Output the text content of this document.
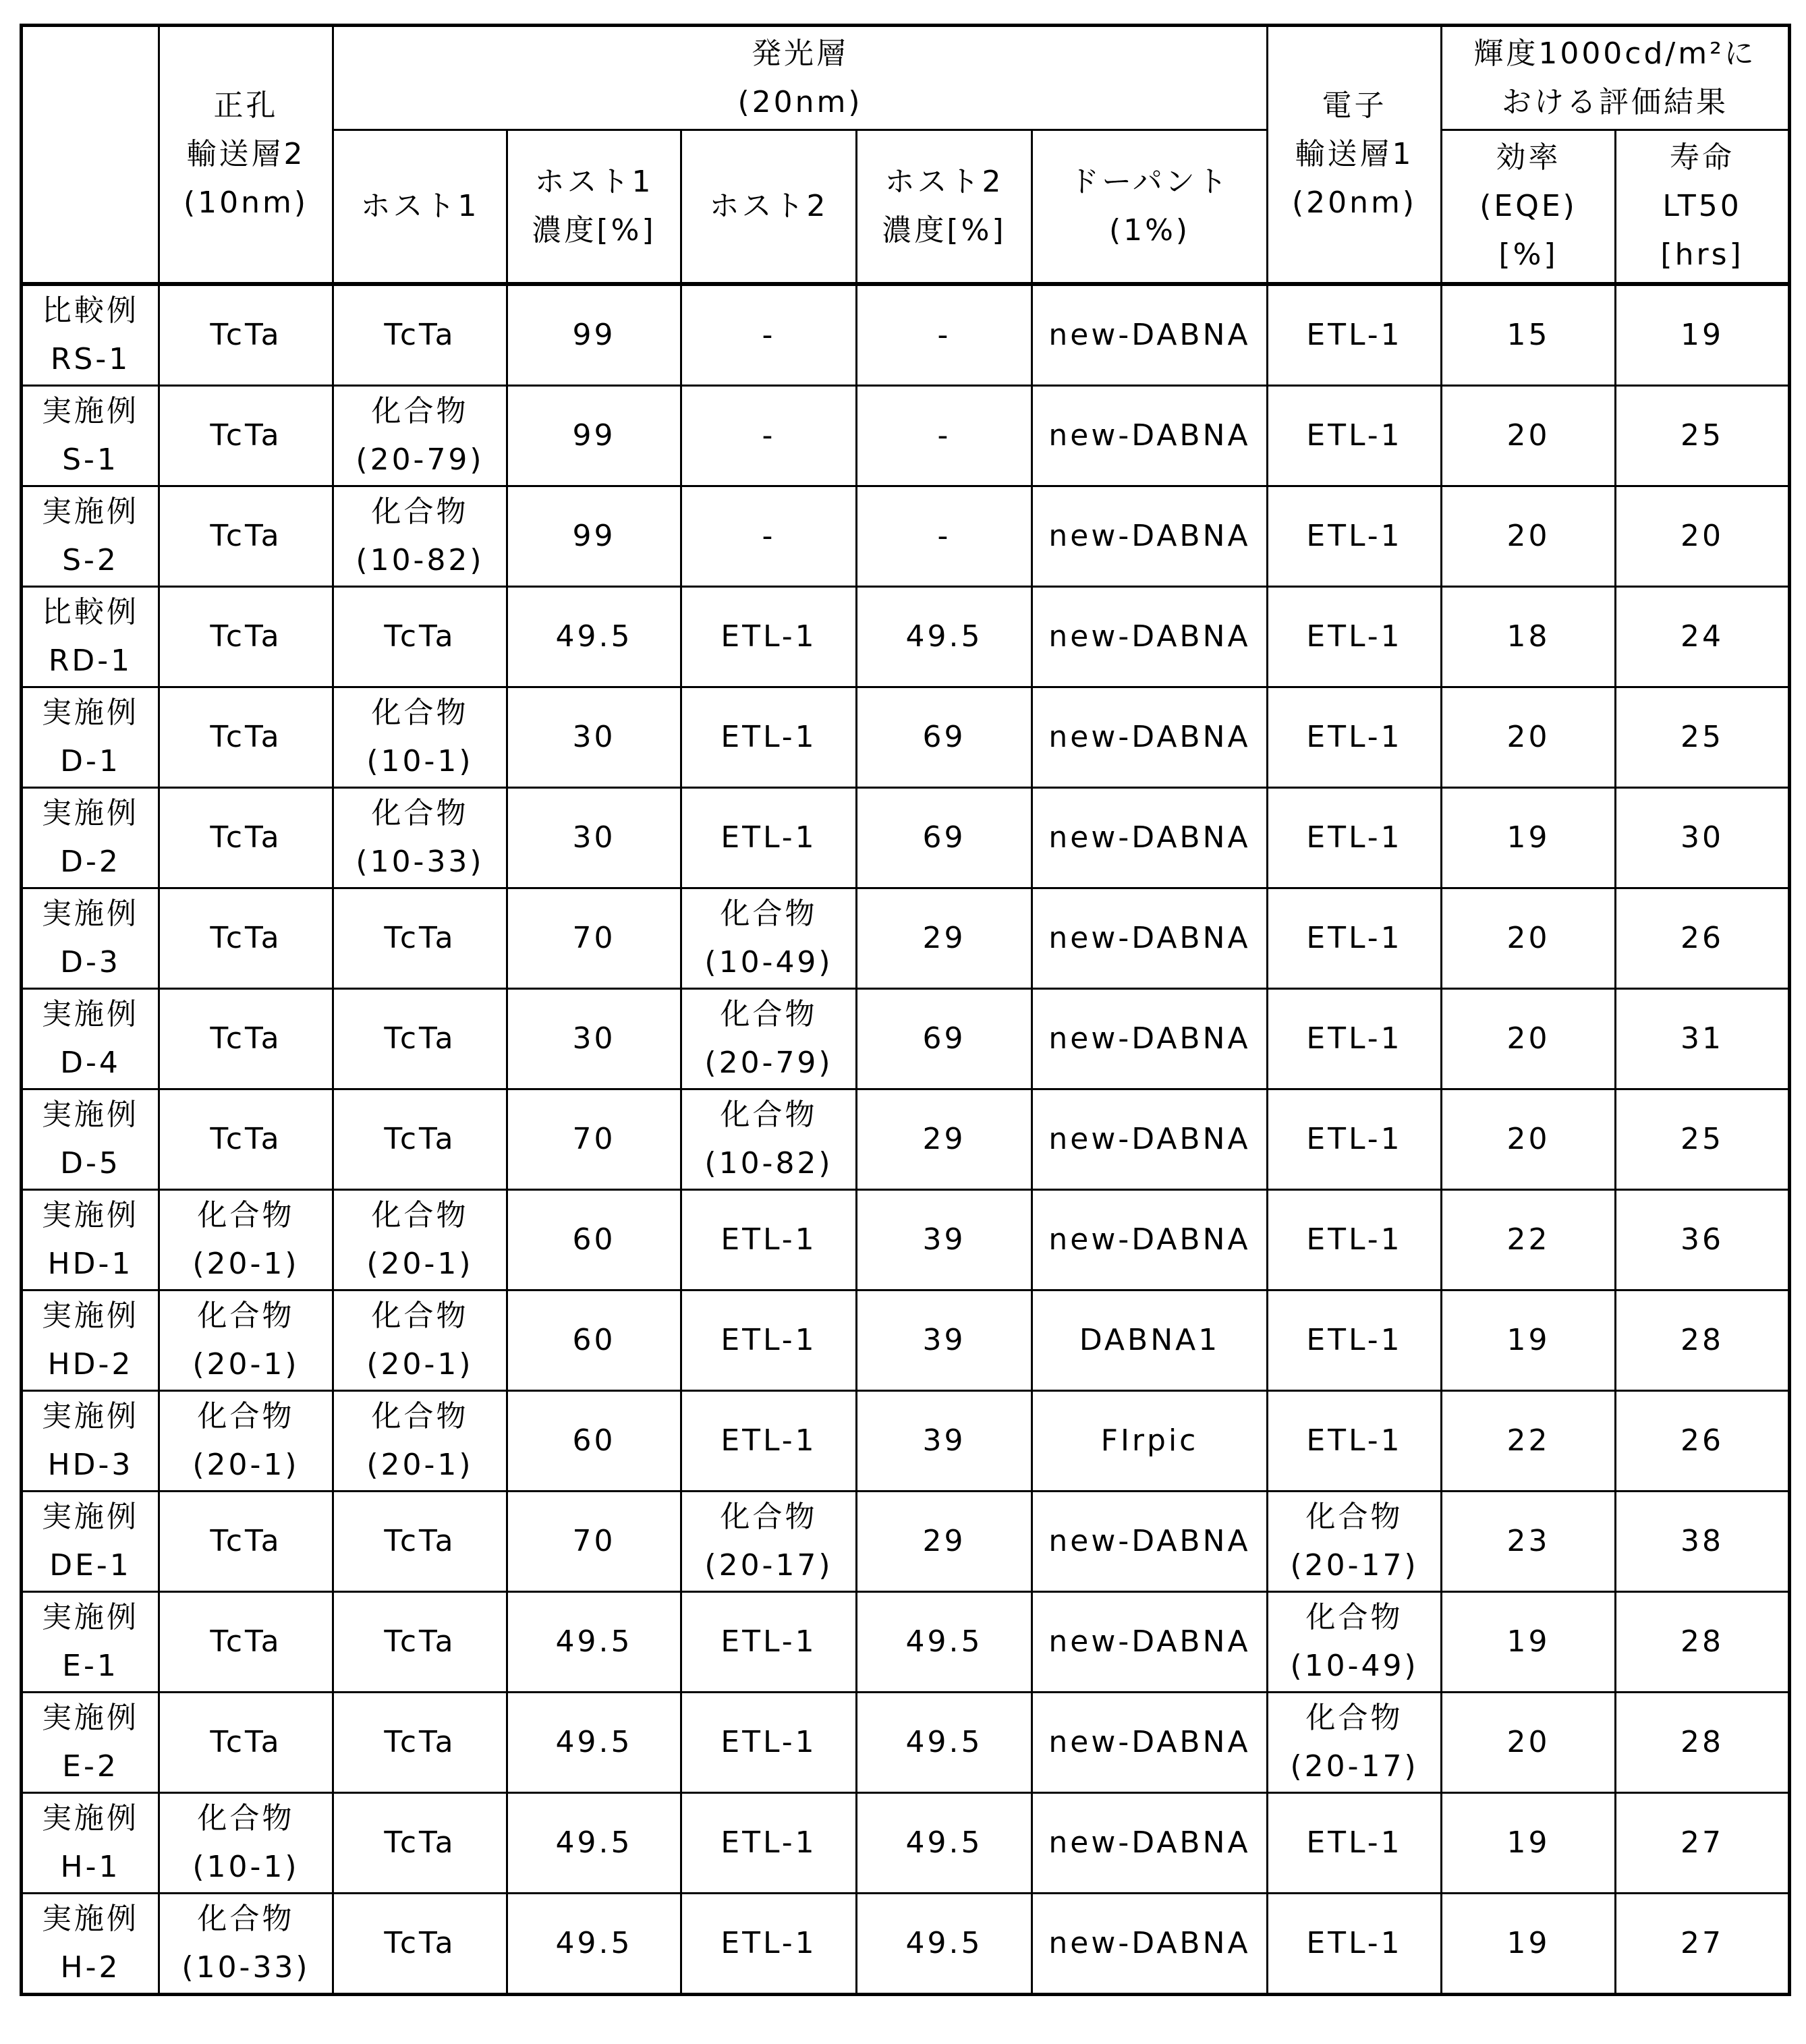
	正孔
輸送層2
(10nm)	発光層
(20nm)	電子
輸送層1
(20nm)	輝度1000cd/m²に
おける評価結果
ホスト1	ホスト1
濃度[%]	ホスト2	ホスト2
濃度[%]	ドーパント
(1%)	効率
(EQE)
[%]	寿命
LT50
[hrs]
比較例
RS-1	TcTa	TcTa	99	-	-	new-DABNA	ETL-1	15	19
実施例
S-1	TcTa	化合物
(20-79)	99	-	-	new-DABNA	ETL-1	20	25
実施例
S-2	TcTa	化合物
(10-82)	99	-	-	new-DABNA	ETL-1	20	20
比較例
RD-1	TcTa	TcTa	49.5	ETL-1	49.5	new-DABNA	ETL-1	18	24
実施例
D-1	TcTa	化合物
(10-1)	30	ETL-1	69	new-DABNA	ETL-1	20	25
実施例
D-2	TcTa	化合物
(10-33)	30	ETL-1	69	new-DABNA	ETL-1	19	30
実施例
D-3	TcTa	TcTa	70	化合物
(10-49)	29	new-DABNA	ETL-1	20	26
実施例
D-4	TcTa	TcTa	30	化合物
(20-79)	69	new-DABNA	ETL-1	20	31
実施例
D-5	TcTa	TcTa	70	化合物
(10-82)	29	new-DABNA	ETL-1	20	25
実施例
HD-1	化合物
(20-1)	化合物
(20-1)	60	ETL-1	39	new-DABNA	ETL-1	22	36
実施例
HD-2	化合物
(20-1)	化合物
(20-1)	60	ETL-1	39	DABNA1	ETL-1	19	28
実施例
HD-3	化合物
(20-1)	化合物
(20-1)	60	ETL-1	39	FIrpic	ETL-1	22	26
実施例
DE-1	TcTa	TcTa	70	化合物
(20-17)	29	new-DABNA	化合物
(20-17)	23	38
実施例
E-1	TcTa	TcTa	49.5	ETL-1	49.5	new-DABNA	化合物
(10-49)	19	28
実施例
E-2	TcTa	TcTa	49.5	ETL-1	49.5	new-DABNA	化合物
(20-17)	20	28
実施例
H-1	化合物
(10-1)	TcTa	49.5	ETL-1	49.5	new-DABNA	ETL-1	19	27
実施例
H-2	化合物
(10-33)	TcTa	49.5	ETL-1	49.5	new-DABNA	ETL-1	19	27
